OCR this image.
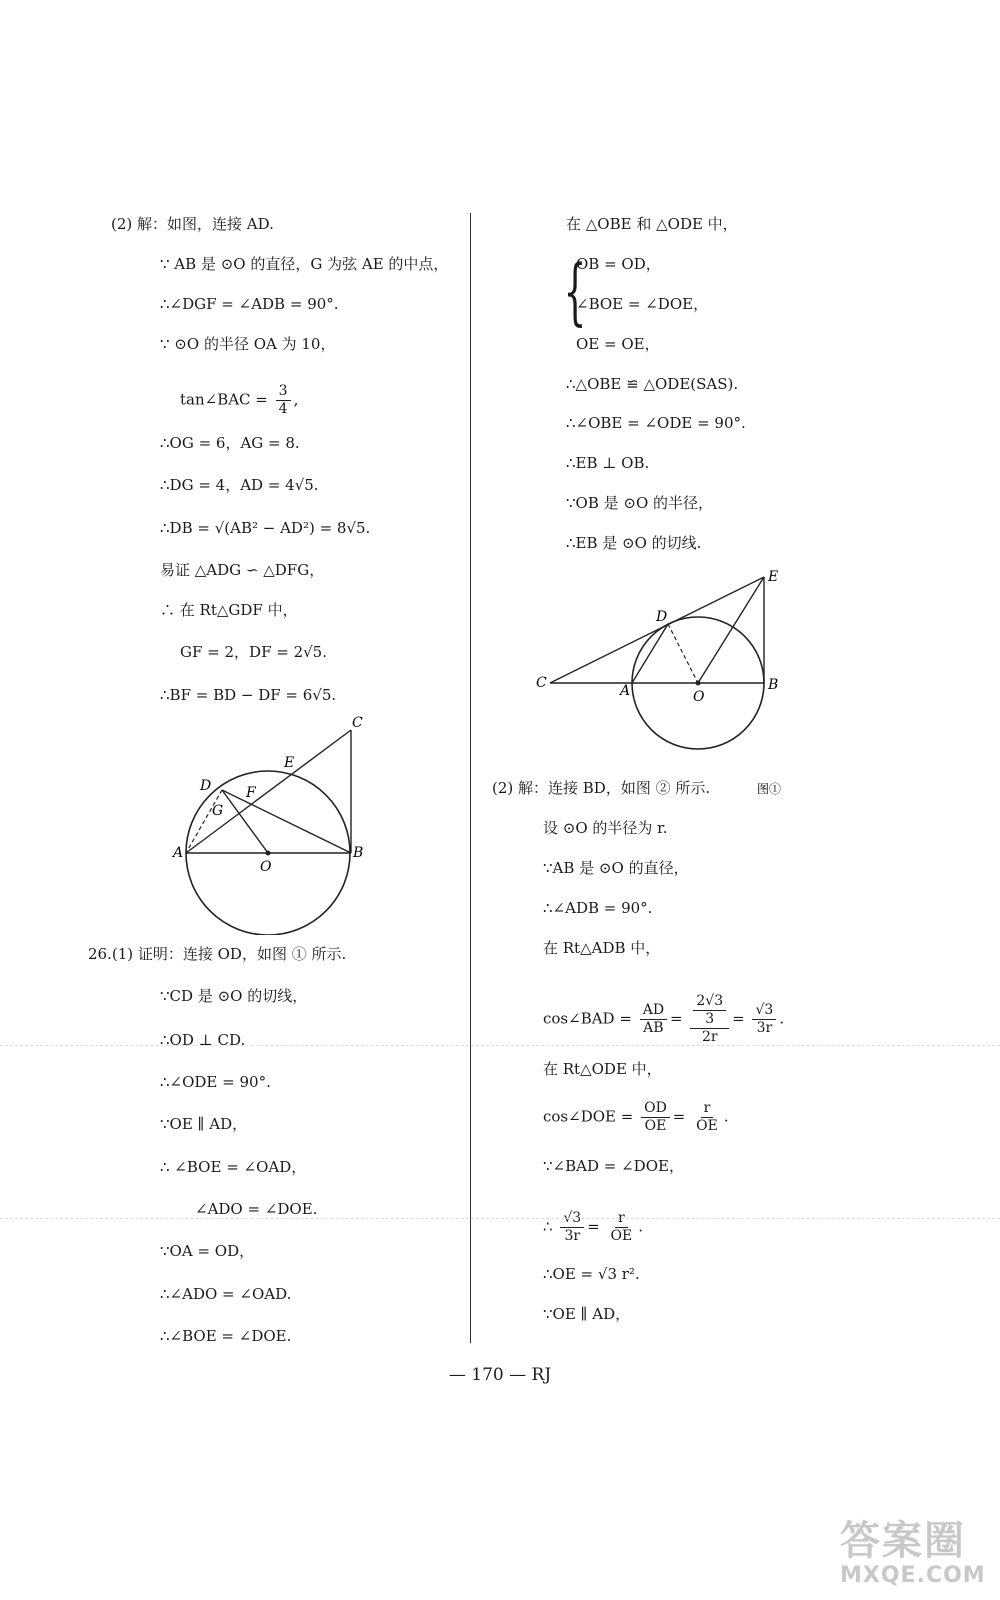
(2) 解：如图，连接 AD.
∵ AB 是 ⊙O 的直径，G 为弦 AE 的中点，
∴∠DGF = ∠ADB = 90°.
∵ ⊙O 的半径 OA 为 10，
tan∠BAC = $\frac{3}{4}$ ,
∴OG = 6，AG = 8.
∴DG = 4，AD = 4√5.
∴DB = √(AB² − AD²) = 8√5.
易证 △ADG ∽ △DFG，
∴ 在 Rt△GDF 中，
GF = 2，DF = 2√5.
∴BF = BD − DF = 6√5.
D
G
F
E
C
A	B
O
26.(1) 证明：连接 OD，如图 ① 所示.
∵CD 是 ⊙O 的切线，
∴OD ⊥ CD.
∴∠ODE = 90°.
∵OE ∥ AD，
∴ ∠BOE = ∠OAD，
∠ADO = ∠DOE.
∵OA = OD，
∴∠ADO = ∠OAD.
∴∠BOE = ∠DOE.
在 △OBE 和 △ODE 中，
{
OB = OD，
∠BOE = ∠DOE，
OE = OE，
∴△OBE ≌ △ODE(SAS).
∴∠OBE = ∠ODE = 90°.
∴EB ⊥ OB.
∵OB 是 ⊙O 的半径，
∴EB 是 ⊙O 的切线.
C	A
D
E
B
O
图①
(2) 解：连接 BD，如图 ② 所示.
设 ⊙O 的半径为 r.
∵AB 是 ⊙O 的直径，
∴∠ADB = 90°.
在 Rt△ADB 中，
cos∠BAD = $\frac{AD}{AB} = \frac{\frac{2√3}{3}}{2r} = \frac{√3}{3r}$ .
在 Rt△ODE 中，
cos∠DOE = $\frac{OD}{OE} = \frac{r}{OE}$ .
∵∠BAD = ∠DOE，
∴ $\frac{√3}{3r} = \frac{r}{OE}$ .
∴OE = √3 r².
∵OE ∥ AD，
— 170 — RJ
答案圈
MXQE.COM
